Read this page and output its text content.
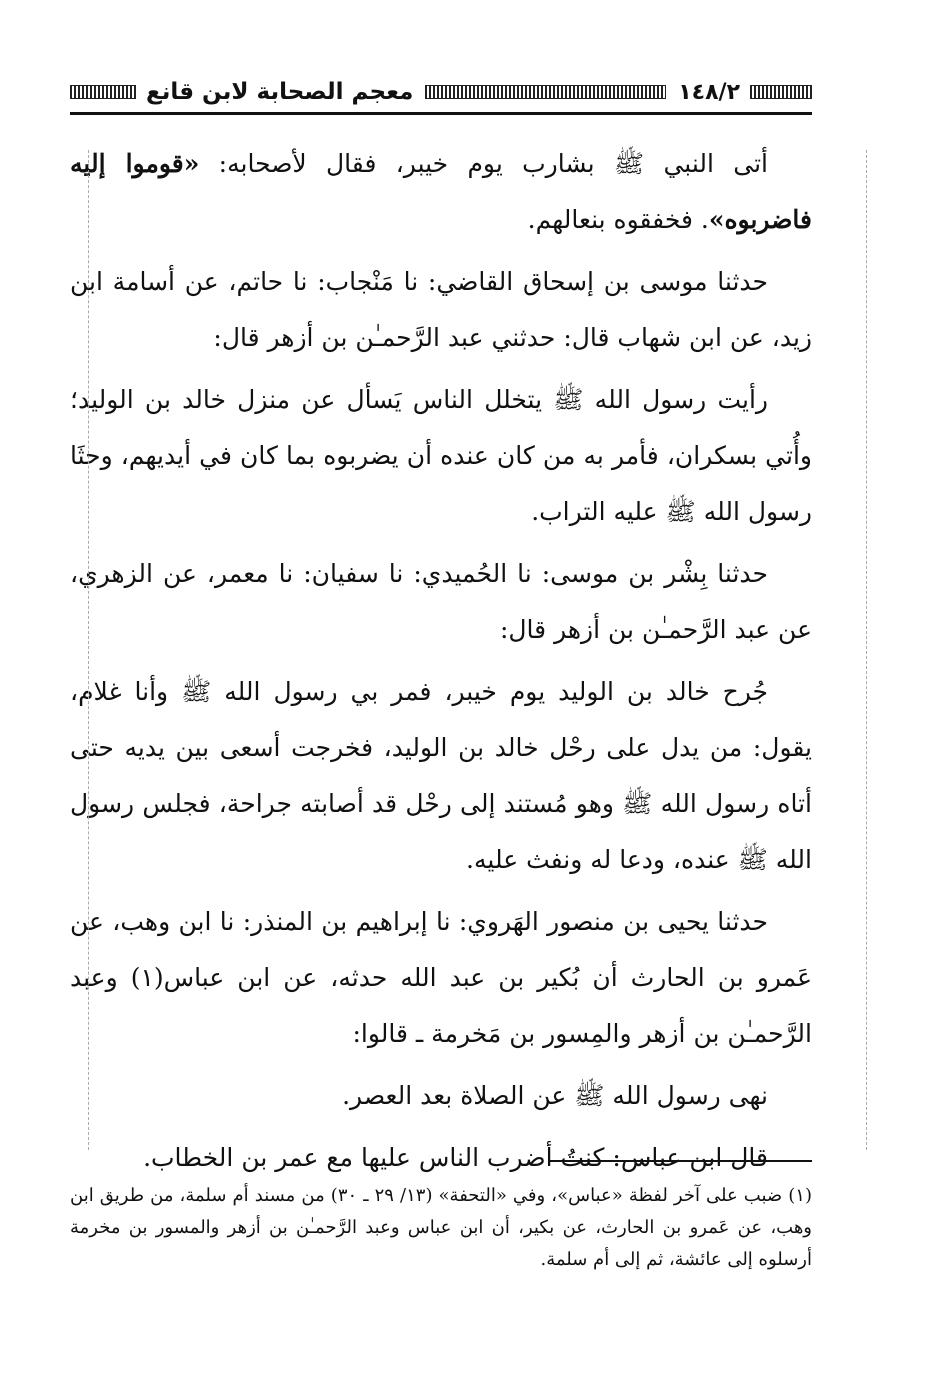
١٤٨/٢
معجم الصحابة لابن قانع

أتى النبي ﷺ بشارب يوم خيبر، فقال لأصحابه: «قوموا إليه فاضربوه». فخفقوه بنعالهم.

حدثنا موسى بن إسحاق القاضي: نا مَنْجاب: نا حاتم، عن أسامة ابن زيد، عن ابن شهاب قال: حدثني عبد الرَّحمـٰن بن أزهر قال:

رأيت رسول الله ﷺ يتخلل الناس يَسأل عن منزل خالد بن الوليد؛ وأُتي بسكران، فأمر به من كان عنده أن يضربوه بما كان في أيديهم، وحثَا رسول الله ﷺ عليه التراب.

حدثنا بِشْر بن موسى: نا الحُميدي: نا سفيان: نا معمر، عن الزهري، عن عبد الرَّحمـٰن بن أزهر قال:

جُرح خالد بن الوليد يوم خيبر، فمر بي رسول الله ﷺ وأنا غلام، يقول: من يدل على رحْل خالد بن الوليد، فخرجت أسعى بين يديه حتى أتاه رسول الله ﷺ وهو مُستند إلى رحْل قد أصابته جراحة، فجلس رسول الله ﷺ عنده، ودعا له ونفث عليه.

حدثنا يحيى بن منصور الهَروي: نا إبراهيم بن المنذر: نا ابن وهب، عن عَمرو بن الحارث أن بُكير بن عبد الله حدثه، عن ابن عباس(١) وعبد الرَّحمـٰن بن أزهر والمِسور بن مَخرمة ـ قالوا:

نهى رسول الله ﷺ عن الصلاة بعد العصر.

قال ابن عباس: كنتُ أضرب الناس عليها مع عمر بن الخطاب.

(١) ضبب على آخر لفظة «عباس»، وفي «التحفة» (١٣/ ٢٩ ـ ٣٠) من مسند أم سلمة، من طريق ابن وهب، عن عَمرو بن الحارث، عن بكير، أن ابن عباس وعبد الرَّحمـٰن بن أزهر والمسور بن مخرمة أرسلوه إلى عائشة، ثم إلى أم سلمة.
